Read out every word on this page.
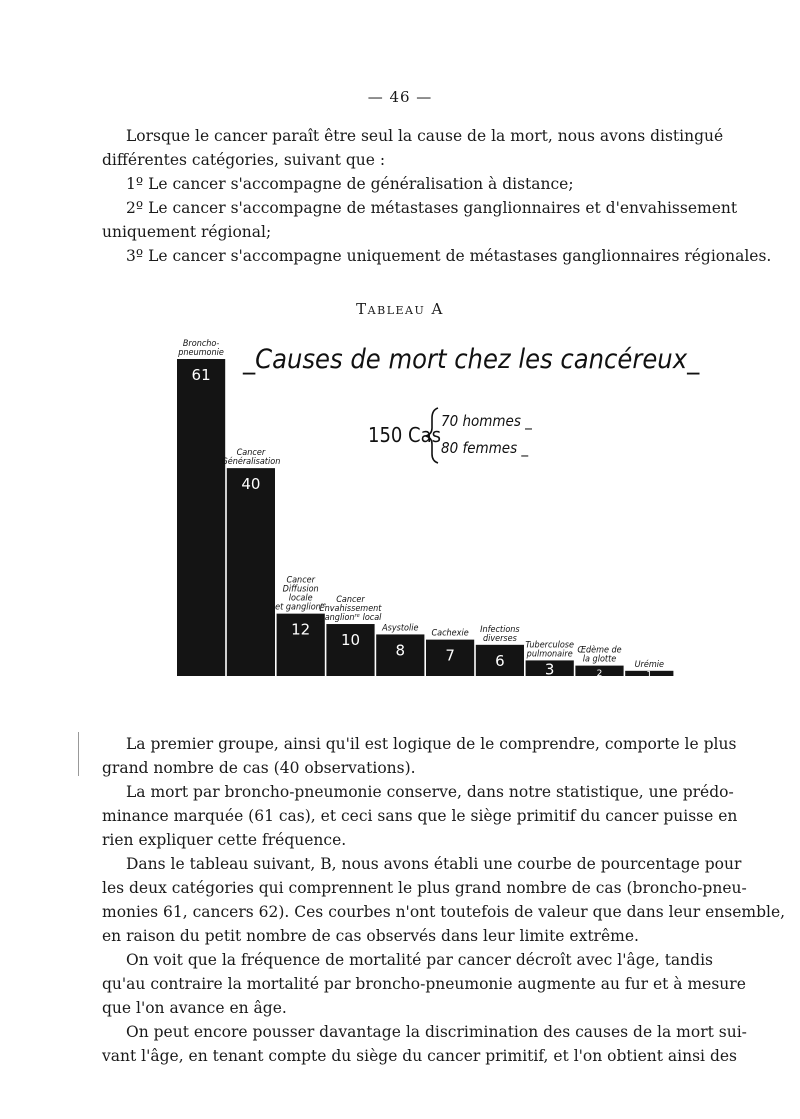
— 46 —
Lorsque le cancer paraît être seul la cause de la mort, nous avons distingué
différentes catégories, suivant que :
1º Le cancer s'accompagne de généralisation à distance;
2º Le cancer s'accompagne de métastases ganglionnaires et d'envahissement
uniquement régional;
3º Le cancer s'accompagne uniquement de métastases ganglionnaires régionales.
Tableau A
Broncho-
pneumonie
Cancer
Généralisation
Cancer
Diffusion
locale
et ganglionʳᵉ
Cancer
Envahissement
ganglionʳᵉ local
Asystolie
Cachexie Infections
diverses
Tuberculose
pulmonaire Œdème de
la glotte
Urémie
61
40
12
10
8	7	6	3	2	1
_Causes de mort chez les cancéreux_
150 Cas
70 hommes _
80 femmes _
La premier groupe, ainsi qu'il est logique de le comprendre, comporte le plus
grand nombre de cas (40 observations).
La mort par broncho-pneumonie conserve, dans notre statistique, une prédo-
minance marquée (61 cas), et ceci sans que le siège primitif du cancer puisse en
rien expliquer cette fréquence.
Dans le tableau suivant, B, nous avons établi une courbe de pourcentage pour
les deux catégories qui comprennent le plus grand nombre de cas (broncho-pneu-
monies 61, cancers 62). Ces courbes n'ont toutefois de valeur que dans leur ensemble,
en raison du petit nombre de cas observés dans leur limite extrême.
On voit que la fréquence de mortalité par cancer décroît avec l'âge, tandis
qu'au contraire la mortalité par broncho-pneumonie augmente au fur et à mesure
que l'on avance en âge.
On peut encore pousser davantage la discrimination des causes de la mort sui-
vant l'âge, en tenant compte du siège du cancer primitif, et l'on obtient ainsi des
